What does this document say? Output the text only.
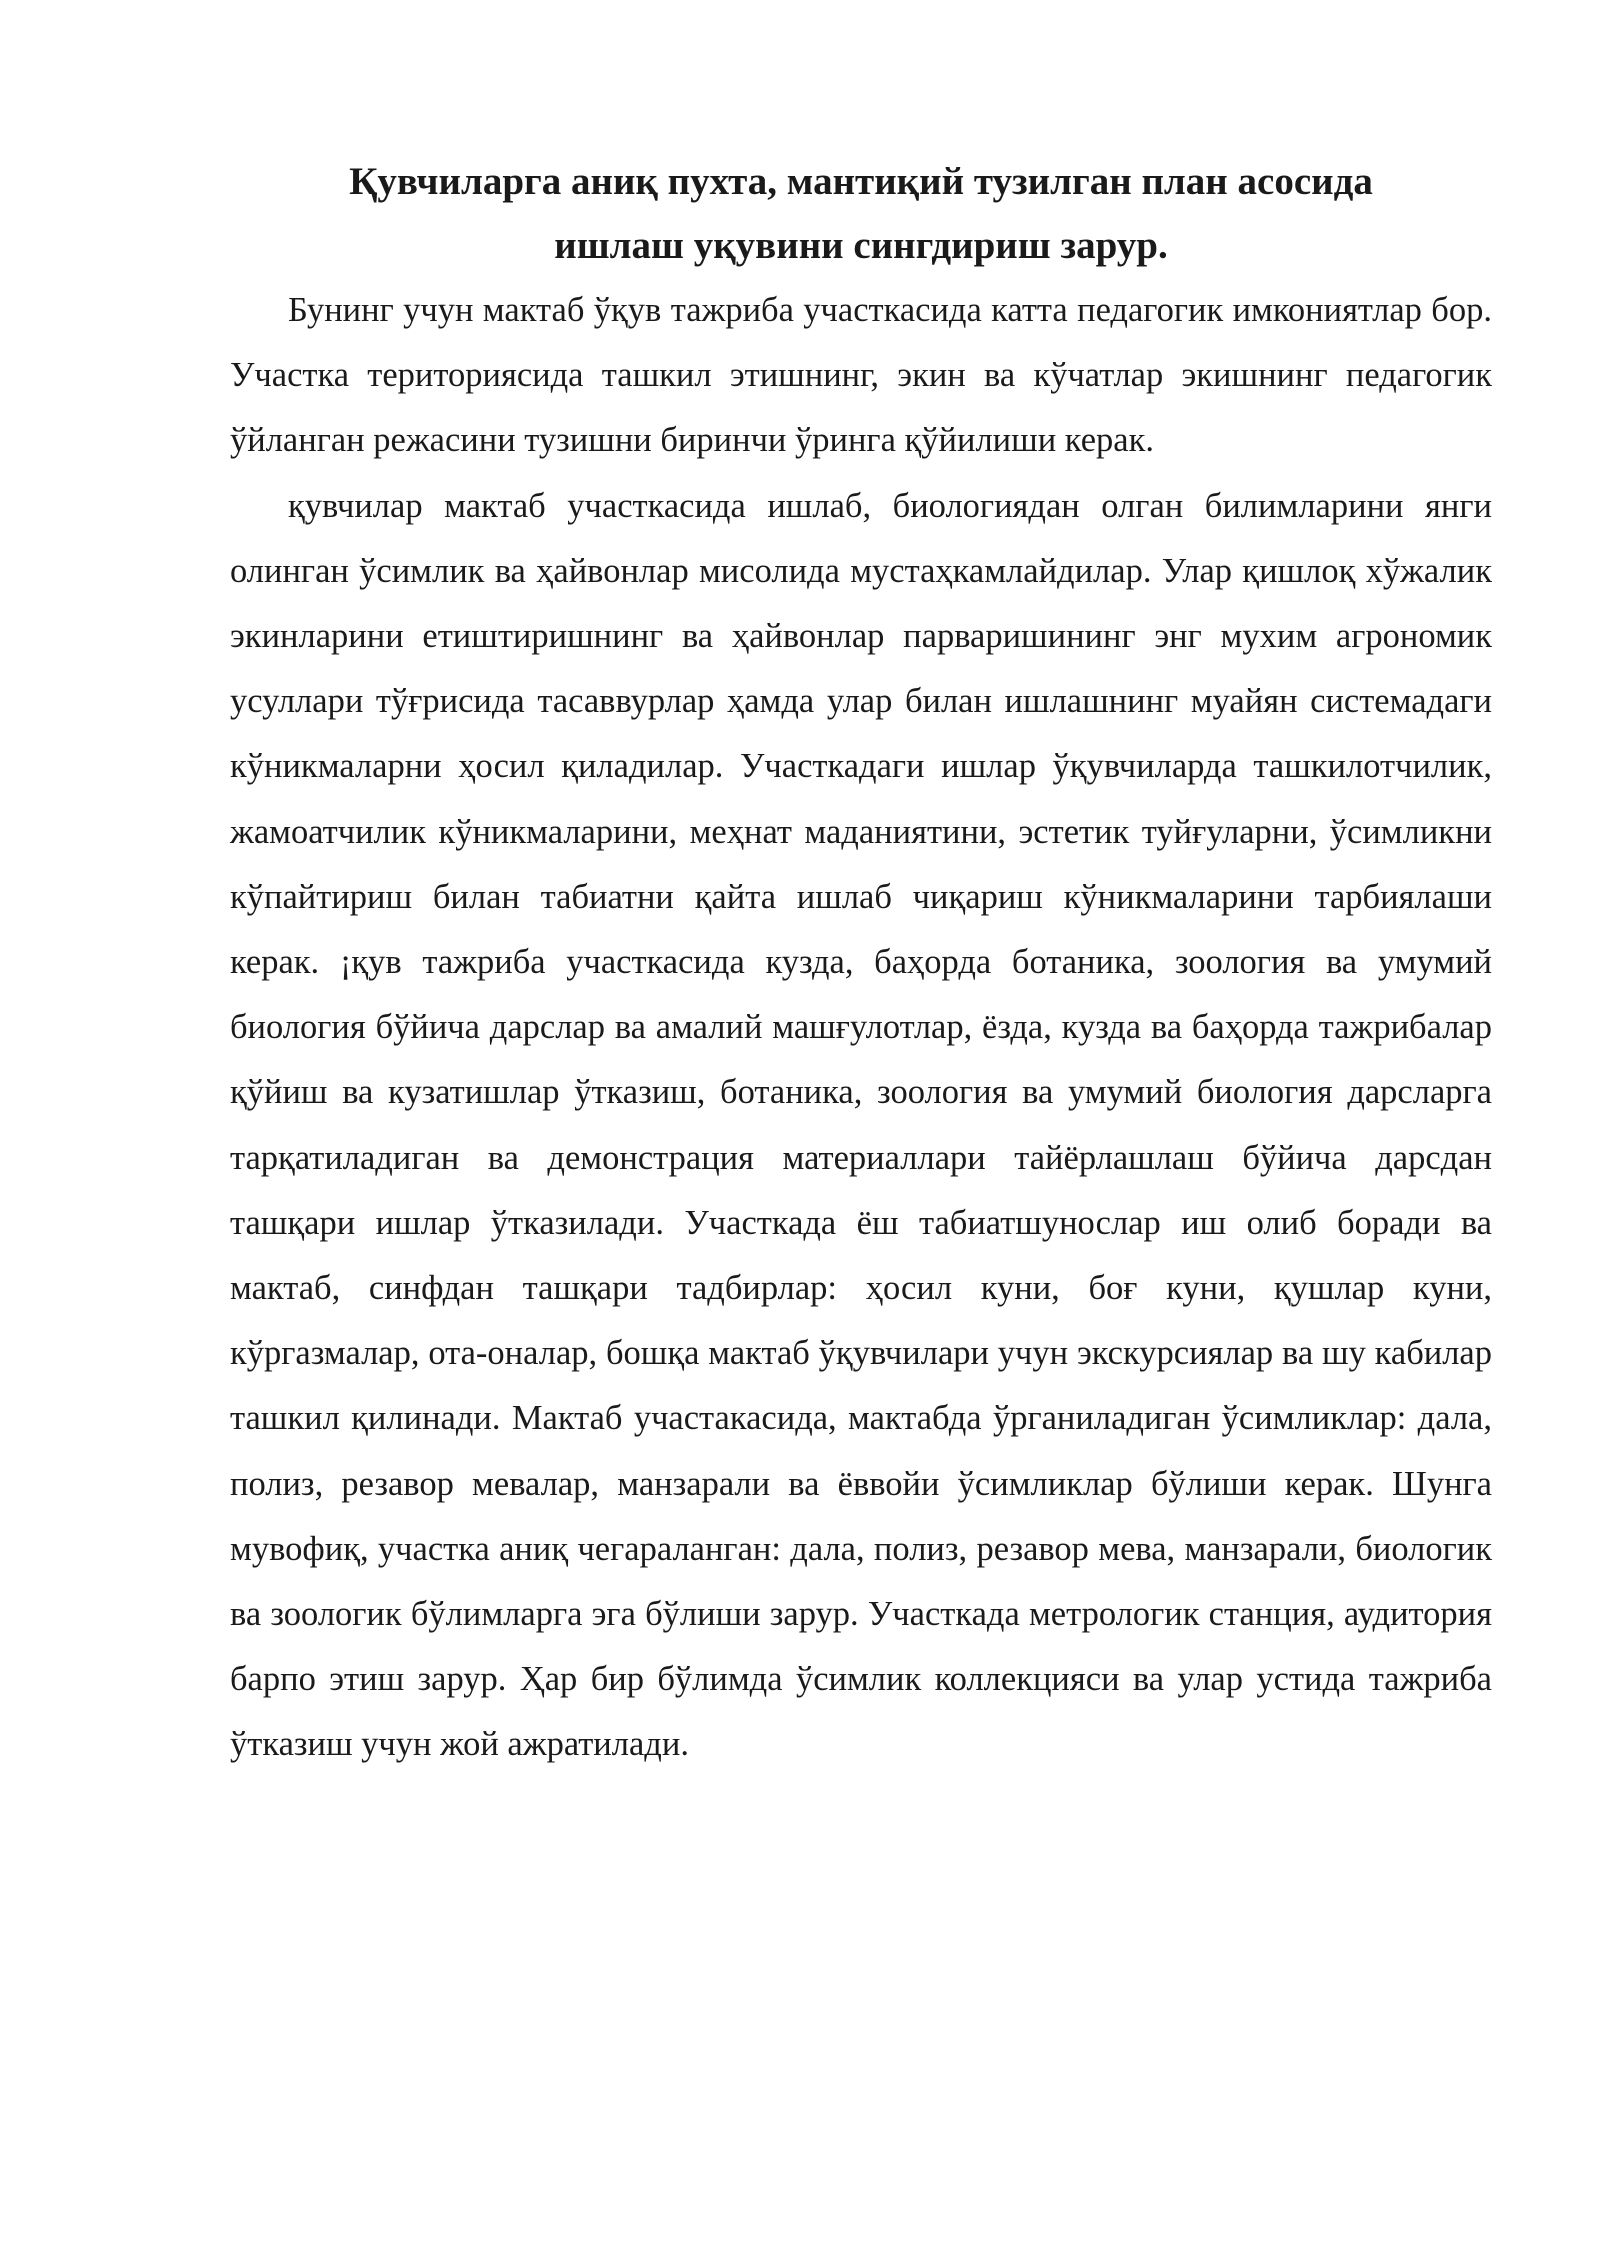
Қувчиларга аниқ пухта, мантиқий тузилган план асосида
ишлаш уқувини сингдириш зарур.

Бунинг учун мактаб ўқув тажриба участкасида катта педагогик имкониятлар бор. Участка териториясида ташкил этишнинг, экин ва кўчатлар экишнинг педагогик ўйланган режасини тузишни биринчи ўринга қўйилиши керак.

қувчилар мактаб участкасида ишлаб, биологиядан олган билимларини янги олинган ўсимлик ва ҳайвонлар мисолида мустаҳкамлайдилар. Улар қишлоқ хўжалик экинларини етиштиришнинг ва ҳайвонлар парваришининг энг мухим агрономик усуллари тўғрисида тасаввурлар ҳамда улар билан ишлашнинг муайян системадаги кўникмаларни ҳосил қиладилар. Участкадаги ишлар ўқувчиларда ташкилотчилик, жамоатчилик кўникмаларини, меҳнат маданиятини, эстетик туйғуларни, ўсимликни кўпайтириш билан табиатни қайта ишлаб чиқариш кўникмаларини тарбиялаши керак. ¡қув тажриба участкасида кузда, баҳорда ботаника, зоология ва умумий биология бўйича дарслар ва амалий машғулотлар, ёзда, кузда ва баҳорда тажрибалар қўйиш ва кузатишлар ўтказиш, ботаника, зоология ва умумий биология дарсларга тарқатиладиган ва демонстрация материаллари тайёрлашлаш бўйича дарсдан ташқари ишлар ўтказилади. Участкада ёш табиатшунослар иш олиб боради ва мактаб, синфдан ташқари тадбирлар: ҳосил куни, боғ куни, қушлар куни, кўргазмалар, ота-оналар, бошқа мактаб ўқувчилари учун экскурсиялар ва шу кабилар ташкил қилинади. Мактаб участакасида, мактабда ўрганиладиган ўсимликлар: дала, полиз, резавор мевалар, манзарали ва ёввойи ўсимликлар бўлиши керак. Шунга мувофиқ, участка аниқ чегараланган: дала, полиз, резавор мева, манзарали, биологик ва зоологик бўлимларга эга бўлиши зарур. Участкада метрологик станция, аудитория барпо этиш зарур. Ҳар бир бўлимда ўсимлик коллекцияси ва улар устида тажриба ўтказиш учун жой ажратилади.
